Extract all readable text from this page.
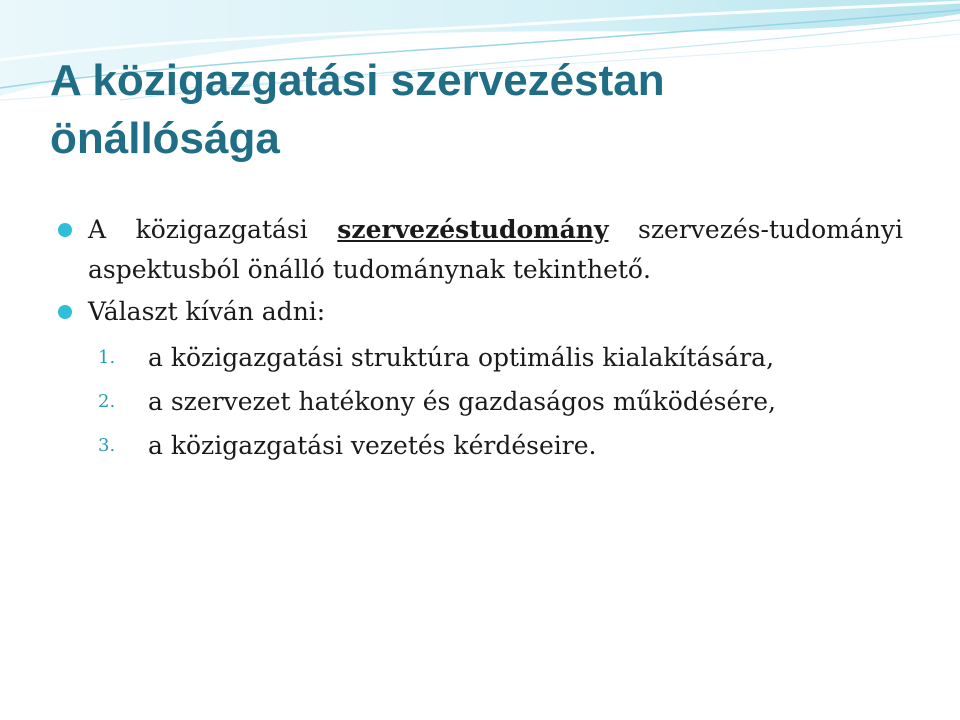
A közigazgatási szervezéstan
önállósága

A közigazgatási szervezéstudomány szervezés-tudományi aspektusból önálló tudománynak tekinthető.

Választ kíván adni:

1. a közigazgatási struktúra optimális kialakítására,
2. a szervezet hatékony és gazdaságos működésére,
3. a közigazgatási vezetés kérdéseire.
